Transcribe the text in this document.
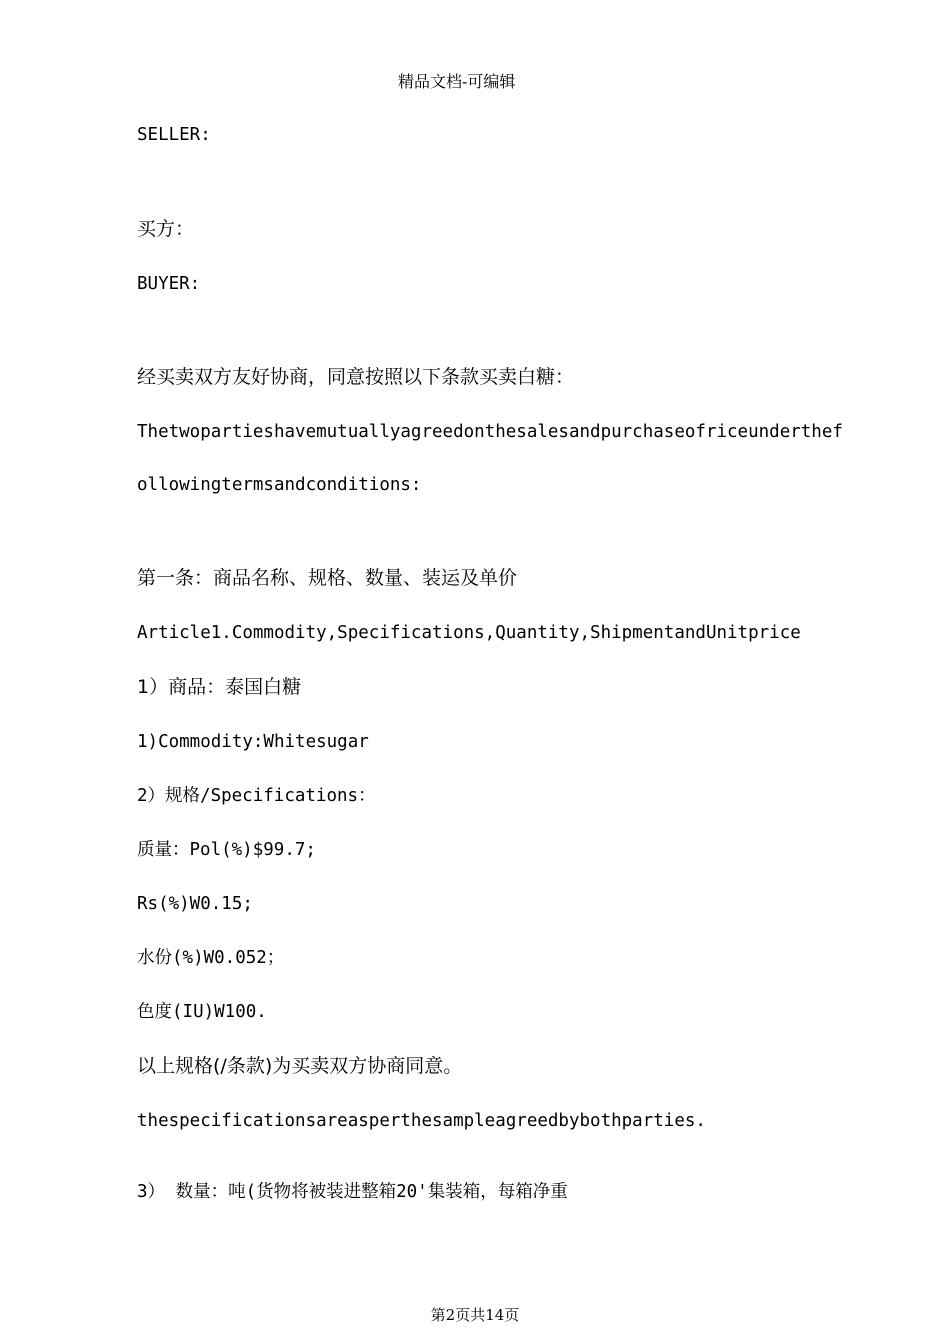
精品文档-可编辑
SELLER:
买方：
BUYER:
经买卖双方友好协商，同意按照以下条款买卖白糖：
Thetwopartieshavemutuallyagreedonthesalesandpurchaseofriceunderthef
ollowingtermsandconditions:
第一条：商品名称、规格、数量、装运及单价
Article1.Commodity,Specifications,Quantity,ShipmentandUnitprice
1）商品：泰国白糖
1)Commodity:Whitesugar
2）规格/Specifications：
质量：Pol(%)$99.7;
Rs(%)W0.15;
水份(%)W0.052；
色度(IU)W100.
以上规格(/条款)为买卖双方协商同意。
thespecificationsareasperthesampleagreedbybothparties.
3） 数量：吨(货物将被装进整箱20'集装箱，每箱净重
第2页共14页
